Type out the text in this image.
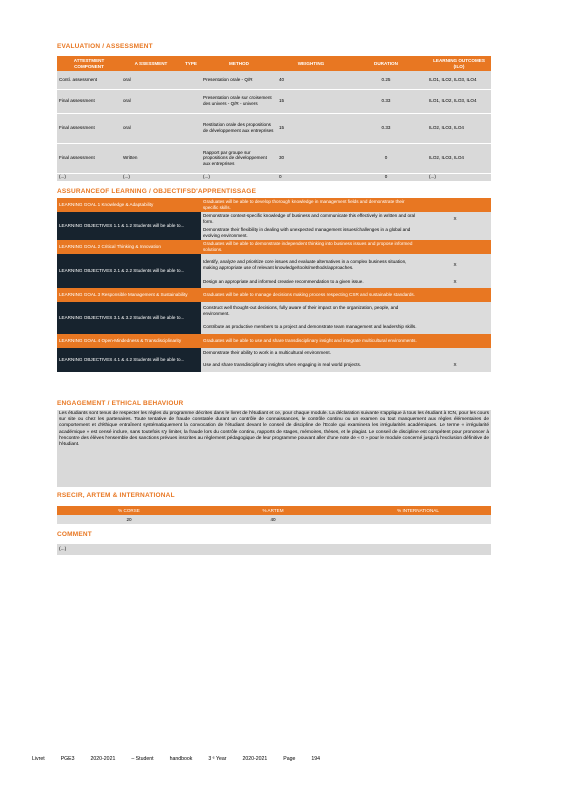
EVALUATION / ASSESSMENT
ATTESTMENT COMPONENT	A SSESSMENT	TYPE	METHOD	WEIGHTING	DURATION	LEARNING OUTCOMES (ILO)
Contì. assessment	oral		Presentation orale - Q/R	40	0.25	ILO1, ILO2, ILO3, ILO4
Final assessment	oral		Presentation orale sur croisement des univers - Q/R - univers	15	0.33	ILO1, ILO2, ILO3, ILO4
Final assessment	oral		Restitution orale des propositions de développement aux entreprises	15	0.33	ILO2, ILO3, ILO4
Final assessment	Written		Rapport par groupe sur propositions de développement aux entreprises	30	0	ILO2, ILO3, ILO4
(...)	(...)		(...)	0	0	(...)
ASSURANCEOF LEARNING / OBJECTIFSD'APPRENTISSAGE
LEARNING GOAL 1 Knowledge & Adaptability	Graduates will be able to develop thorough knowledge in management fields and demonstrate their specific skills.	
LEARNING OBJECTIVES 1.1 & 1.2 Students will be able to...	Demonstrate context-specific knowledge of business and communicate this effectively in written and oral form.	X
	Demonstrate their flexibility in dealing with unexpected management issues/challenges in a global and evolving environment.	
LEARNING GOAL 2 Critical Thinking & Innovation	Graduates will be able to demonstrate independent thinking into business issues and propose informed solutions.	
LEARNING OBJECTIVES 2.1 & 2.2 Students will be able to...	Identify, analyze and prioritize core issues and evaluate alternatives in a complex business situation, making appropriate use of relevant knowledge/tools/methods/approaches.	X
	Design an appropriate and informed creative recommendation to a given issue.	X
LEARNING GOAL 3 Responsible Management & Sustainability	Graduates will be able to manage decisions making process respecting CSR and sustainable standards.	
LEARNING OBJECTIVES 3.1 & 3.2 Students will be able to...	Construct well thought-out decisions, fully aware of their impact on the organization, people, and environment.	
	Contribute as productive members to a project and demonstrate team management and leadership skills.	
LEARNING GOAL 4 Open-Mindedness & Transdisciplinarity	Graduates will be able to use and share transdisciplinary insight and integrate multicultural environments.	
LEARNING OBJECTIVES 4.1 & 4.2 Students will be able to...	Demonstrate their ability to work in a multicultural environment.	
	Use and share transdisciplinary insights when engaging in real world projects.	X
ENGAGEMENT / ETHICAL BEHAVIOUR
Les étudiants sont tenus de respecter les règles du programme décrites dans le livret de l'étudiant et ce, pour chaque module. La déclaration suivante s'applique à tous les étudiant à ICN, pour les cours sur site ou chez les partenaires. Toute tentative de fraude constatée durant un contrôle de connaissances, le contrôle continu ou un examen ou tout manquement aux règles élémentaires de comportement et d'éthique entraînent systématiquement la convocation de l'étudiant devant le conseil de discipline de l'Ecole qui examinera les irrégularités académiques. Le terme « irrégularité académique » est censé inclure, sans toutefois s'y limiter, la fraude lors du contrôle continu, rapports de stages, mémoires, thèses, et le plagiat. Le conseil de discipline est compétent pour prononcer à l'encontre des élèves l'ensemble des sanctions prévues inscrites au règlement pédagogique de leur programme pouvant aller d'une note de « 0 » pour le module concerné jusqu'à l'exclusion définitive de l'étudiant.
RSECIR, ARTEM & INTERNATIONAL
% CORSE	% ARTEM	% INTERNATIONAL
20	40	
COMMENT
(...)
Livret	PGE3	2020-2021	– Student	handbook	3 ᵉ Year	2020-2021	Page	194
